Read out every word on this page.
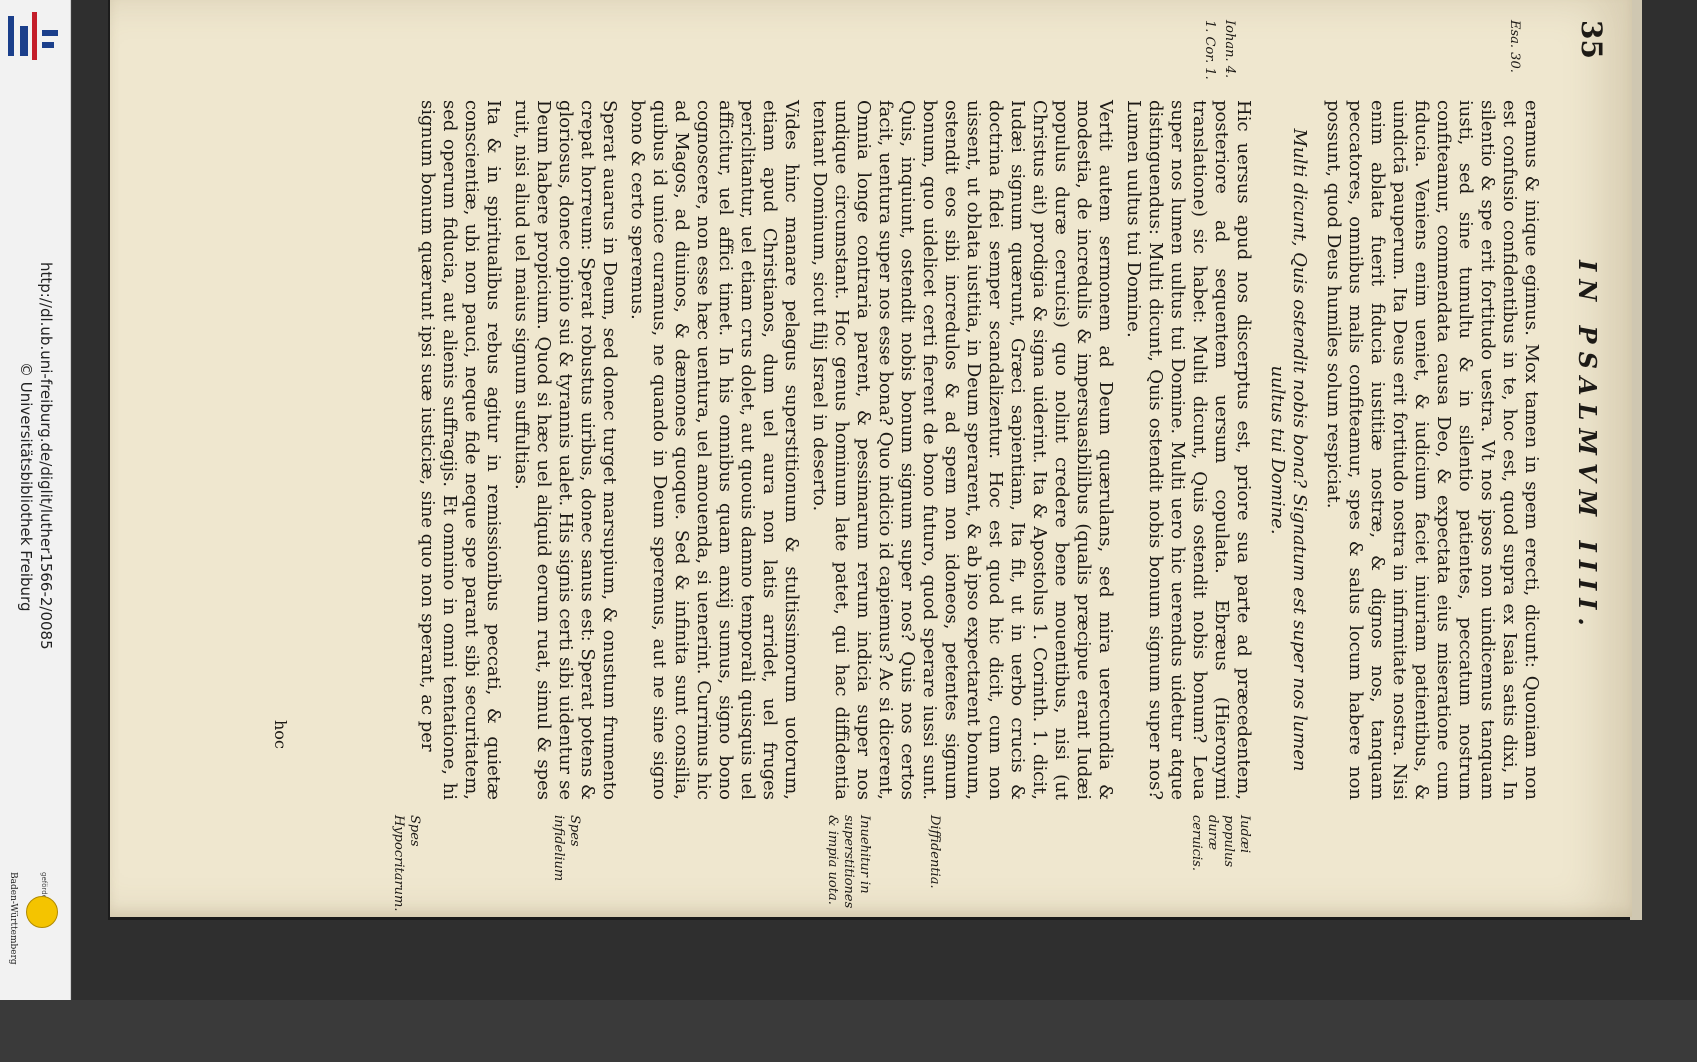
http://dl.ub.uni-freiburg.de/diglit/luther1566-2/0085
© Universitätsbibliothek Freiburg
Baden-Württemberg
35
IN PSALMVM IIII.
Esa. 30.
Iohan. 4.
1. Cor. 1.
Iudæi populus duræ ceruicis.
Diffidentia.
Inuehitur in superstitiones & impia uota.
Spes infidelium
Spes Hypocritarum.

eramus & inique egimus. Mox tamen in spem erecti, dicunt: Quoniam non est confusio confidentibus in te, hoc est, quod supra ex Isaia satis dixi, In silentio & spe erit fortitudo uestra. Vt nos ipsos non uindicemus tanquam iusti, sed sine tumultu & in silentio patientes, peccatum nostrum confiteamur, commendata causa Deo, & expectata eius miseratione cum fiducia. Veniens enim ueniet, & iudicium faciet iniuriam patientibus, & uindictā pauperum. Ita Deus erit fortitudo nostra in infirmitate nostra. Nisi enim ablata fuerit fiducia iustitiæ nostræ, & dignos nos, tanquam peccatores, omnibus malis confiteamur, spes & salus locum habere non possunt, quod Deus humiles solum respiciat.

Multi dicunt, Quis ostendit nobis bona? Signatum est super nos lumen uultus tui Domine.

Hic uersus apud nos discerptus est, priore sua parte ad præcedentem, posteriore ad sequentem uersum copulata. Ebræus (Hieronymi translatione) sic habet: Multi dicunt, Quis ostendit nobis bonum? Leua super nos lumen uultus tui Domine. Multi uero hic uerendus uidetur atque distinguendus: Multi dicunt, Quis ostendit nobis bonum signum super nos? Lumen uultus tui Domine.

Vertit autem sermonem ad Deum quærulans, sed mira uerecundia & modestia, de incredulis & impersuasibilibus (qualis præcipue erant Iudæi populus duræ ceruicis) quo nolint credere bene mouentibus, nisi (ut Christus ait) prodigia & signa uiderint. Ita & Apostolus 1. Corinth. 1. dicit, Iudæi signum quærunt, Græci sapientiam, Ita fit, ut in uerbo crucis & doctrina fidei semper scandalizentur. Hoc est quod hic dicit, cum non uissent, ut oblata iustitia, in Deum sperarent, & ab ipso expectarent bonum, ostendit eos sibi incredulos & ad spem non idoneos, petentes signum bonum, quo uidelicet certi fierent de bono futuro, quod sperare iussi sunt. Quis, inquiunt, ostendit nobis bonum signum super nos? Quis nos certos facit, uentura super nos esse bona? Quo indicio id capiemus? Ac si dicerent, Omnia longe contraria parent, & pessimarum rerum indicia super nos undique circumstant. Hoc genus hominum late patet, qui hac diffidentia tentant Dominum, sicut filij Israel in deserto.

Vides hinc manare pelagus superstitionum & stultissimorum uotorum, etiam apud Christianos, dum uel aura non latis arridet, uel fruges periclitantur, uel etiam crus dolet, aut quouis damno temporali quisquis uel afficitur, uel affici timet. In his omnibus quam anxij sumus, signo bono cognoscere, non esse hæc uentura, uel amouenda, si uenerint. Currimus hic ad Magos, ad diuinos, & dæmones quoque. Sed & infinita sunt consilia, quibus id unice curamus, ne quando in Deum speremus, aut ne sine signo bono & certo speremus.

Sperat auarus in Deum, sed donec turget marsupium, & onustum frumento crepat horreum: Sperat robustus uiribus, donec sanus est: Sperat potens & gloriosus, donec opinio sui & tyrannis ualet. His signis certi sibi uidentur se Deum habere propicium. Quod si hæc uel aliquid eorum ruat, simul & spes ruit, nisi aliud uel maius signum suffultias.

Ita & in spiritualibus rebus agitur in remissionibus peccati, & quietæ conscientiæ, ubi non pauci, neque fide neque spe parant sibi securitatem, sed operum fiducia, aut alienis suffragijs. Et omnino in omni tentatione, hi signum bonum quærunt ipsi suæ iusticiæ, sine quo non sperant, ac per

hoc
